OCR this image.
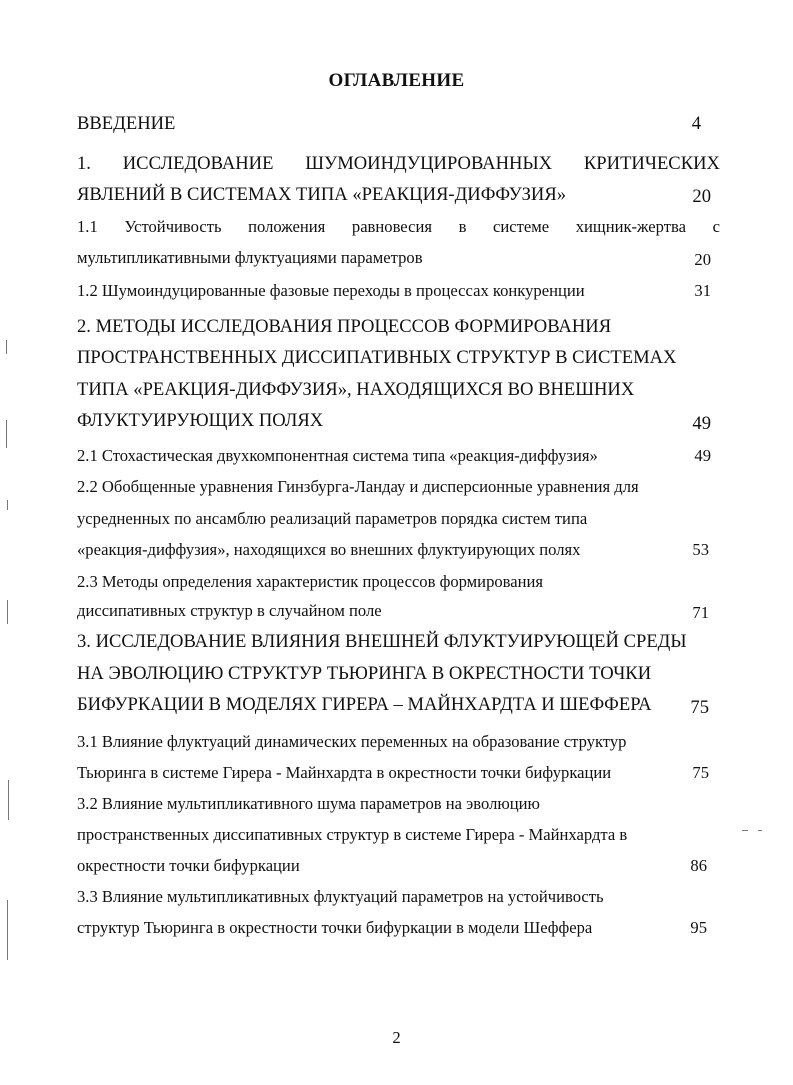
ОГЛАВЛЕНИЕ
ВВЕДЕНИЕ	4
1. ИССЛЕДОВАНИЕ ШУМОИНДУЦИРОВАННЫХ КРИТИЧЕСКИХ
ЯВЛЕНИЙ В СИСТЕМАХ ТИПА «РЕАКЦИЯ-ДИФФУЗИЯ»	20
1.1 Устойчивость положения равновесия в системе хищник-жертва с
мультипликативными флуктуациями параметров	20
1.2 Шумоиндуцированные фазовые переходы в процессах конкуренции	31
2. МЕТОДЫ ИССЛЕДОВАНИЯ ПРОЦЕССОВ ФОРМИРОВАНИЯ
ПРОСТРАНСТВЕННЫХ ДИССИПАТИВНЫХ СТРУКТУР В СИСТЕМАХ
ТИПА «РЕАКЦИЯ-ДИФФУЗИЯ», НАХОДЯЩИХСЯ ВО ВНЕШНИХ
ФЛУКТУИРУЮЩИХ ПОЛЯХ	49
2.1 Стохастическая двухкомпонентная система типа «реакция-диффузия»	49
2.2 Обобщенные уравнения Гинзбурга-Ландау и дисперсионные уравнения для
усредненных по ансамблю реализаций параметров порядка систем типа
«реакция-диффузия», находящихся во внешних флуктуирующих полях	53
2.3 Методы определения характеристик процессов формирования
диссипативных структур в случайном поле	71
3. ИССЛЕДОВАНИЕ ВЛИЯНИЯ ВНЕШНЕЙ ФЛУКТУИРУЮЩЕЙ СРЕДЫ
НА ЭВОЛЮЦИЮ СТРУКТУР ТЬЮРИНГА В ОКРЕСТНОСТИ ТОЧКИ
БИФУРКАЦИИ В МОДЕЛЯХ ГИРЕРА – МАЙНХАРДТА И ШЕФФЕРА	75
3.1 Влияние флуктуаций динамических переменных на образование структур
Тьюринга в системе Гирера - Майнхардта в окрестности точки бифуркации	75
3.2 Влияние мультипликативного шума параметров на эволюцию
пространственных диссипативных структур в системе Гирера - Майнхардта в
окрестности точки бифуркации	86
3.3 Влияние мультипликативных флуктуаций параметров на устойчивость
структур Тьюринга в окрестности точки бифуркации в модели Шеффера	95
2
